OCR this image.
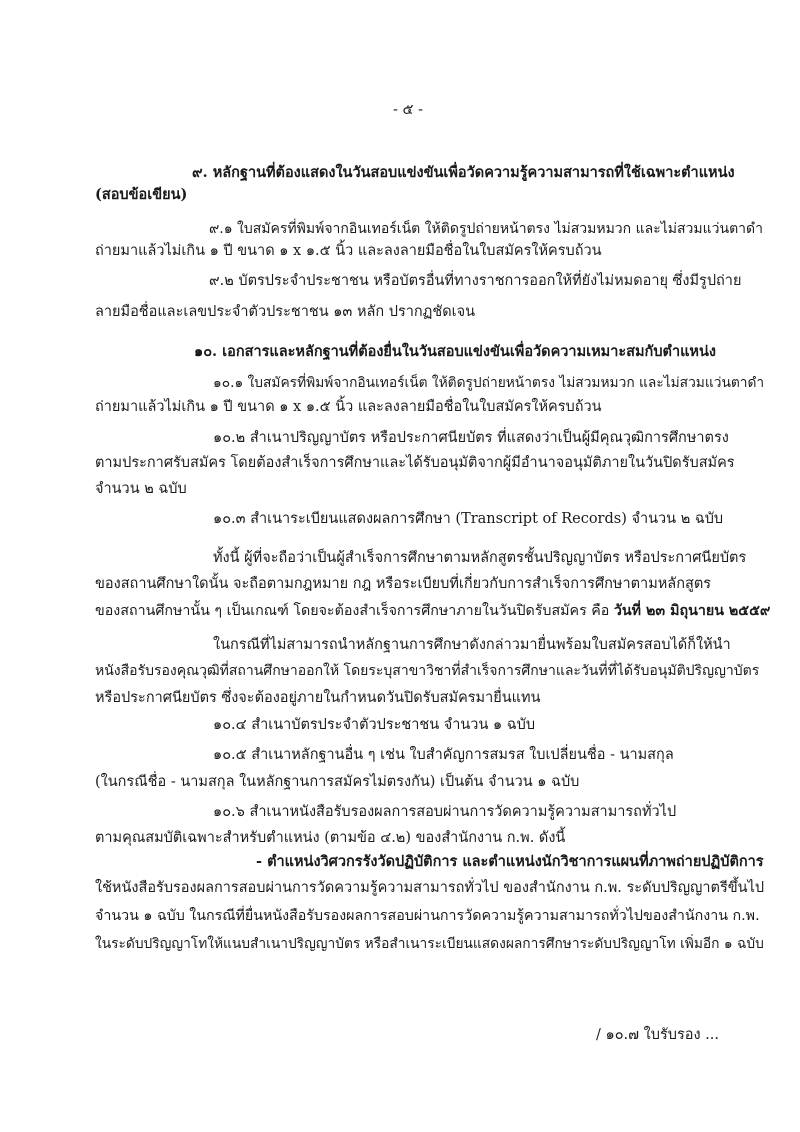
- ๕ -
๙. หลักฐานที่ต้องแสดงในวันสอบแข่งขันเพื่อวัดความรู้ความสามารถที่ใช้เฉพาะตำแหน่ง
(สอบข้อเขียน)
๙.๑ ใบสมัครที่พิมพ์จากอินเทอร์เน็ต ให้ติดรูปถ่ายหน้าตรง ไม่สวมหมวก และไม่สวมแว่นตาดำ
ถ่ายมาแล้วไม่เกิน ๑ ปี ขนาด ๑ x ๑.๕ นิ้ว และลงลายมือชื่อในใบสมัครให้ครบถ้วน
๙.๒ บัตรประจำประชาชน หรือบัตรอื่นที่ทางราชการออกให้ที่ยังไม่หมดอายุ ซึ่งมีรูปถ่าย
ลายมือชื่อและเลขประจำตัวประชาชน ๑๓ หลัก ปรากฏชัดเจน
๑๐. เอกสารและหลักฐานที่ต้องยื่นในวันสอบแข่งขันเพื่อวัดความเหมาะสมกับตำแหน่ง
๑๐.๑ ใบสมัครที่พิมพ์จากอินเทอร์เน็ต ให้ติดรูปถ่ายหน้าตรง ไม่สวมหมวก และไม่สวมแว่นตาดำ
ถ่ายมาแล้วไม่เกิน ๑ ปี ขนาด ๑ x ๑.๕ นิ้ว และลงลายมือชื่อในใบสมัครให้ครบถ้วน
๑๐.๒ สำเนาปริญญาบัตร หรือประกาศนียบัตร ที่แสดงว่าเป็นผู้มีคุณวุฒิการศึกษาตรง
ตามประกาศรับสมัคร โดยต้องสำเร็จการศึกษาและได้รับอนุมัติจากผู้มีอำนาจอนุมัติภายในวันปิดรับสมัคร
จำนวน ๒ ฉบับ
๑๐.๓ สำเนาระเบียนแสดงผลการศึกษา (Transcript of Records) จำนวน ๒ ฉบับ
ทั้งนี้ ผู้ที่จะถือว่าเป็นผู้สำเร็จการศึกษาตามหลักสูตรชั้นปริญญาบัตร หรือประกาศนียบัตร
ของสถานศึกษาใดนั้น จะถือตามกฎหมาย กฎ หรือระเบียบที่เกี่ยวกับการสำเร็จการศึกษาตามหลักสูตร
ของสถานศึกษานั้น ๆ เป็นเกณฑ์ โดยจะต้องสำเร็จการศึกษาภายในวันปิดรับสมัคร คือ วันที่ ๒๓ มิถุนายน ๒๕๕๙
ในกรณีที่ไม่สามารถนำหลักฐานการศึกษาดังกล่าวมายื่นพร้อมใบสมัครสอบได้ก็ให้นำ
หนังสือรับรองคุณวุฒิที่สถานศึกษาออกให้ โดยระบุสาขาวิชาที่สำเร็จการศึกษาและวันที่ที่ได้รับอนุมัติปริญญาบัตร
หรือประกาศนียบัตร ซึ่งจะต้องอยู่ภายในกำหนดวันปิดรับสมัครมายื่นแทน
๑๐.๔ สำเนาบัตรประจำตัวประชาชน จำนวน ๑ ฉบับ
๑๐.๕ สำเนาหลักฐานอื่น ๆ เช่น ใบสำคัญการสมรส ใบเปลี่ยนชื่อ - นามสกุล
(ในกรณีชื่อ - นามสกุล ในหลักฐานการสมัครไม่ตรงกัน) เป็นต้น จำนวน ๑ ฉบับ
๑๐.๖ สำเนาหนังสือรับรองผลการสอบผ่านการวัดความรู้ความสามารถทั่วไป
ตามคุณสมบัติเฉพาะสำหรับตำแหน่ง (ตามข้อ ๔.๒) ของสำนักงาน ก.พ. ดังนี้
- ตำแหน่งวิศวกรรังวัดปฏิบัติการ และตำแหน่งนักวิชาการแผนที่ภาพถ่ายปฏิบัติการ
ใช้หนังสือรับรองผลการสอบผ่านการวัดความรู้ความสามารถทั่วไป ของสำนักงาน ก.พ. ระดับปริญญาตรีขึ้นไป
จำนวน ๑ ฉบับ ในกรณีที่ยื่นหนังสือรับรองผลการสอบผ่านการวัดความรู้ความสามารถทั่วไปของสำนักงาน ก.พ.
ในระดับปริญญาโทให้แนบสำเนาปริญญาบัตร หรือสำเนาระเบียนแสดงผลการศึกษาระดับปริญญาโท เพิ่มอีก ๑ ฉบับ
/ ๑๐.๗ ใบรับรอง ...
